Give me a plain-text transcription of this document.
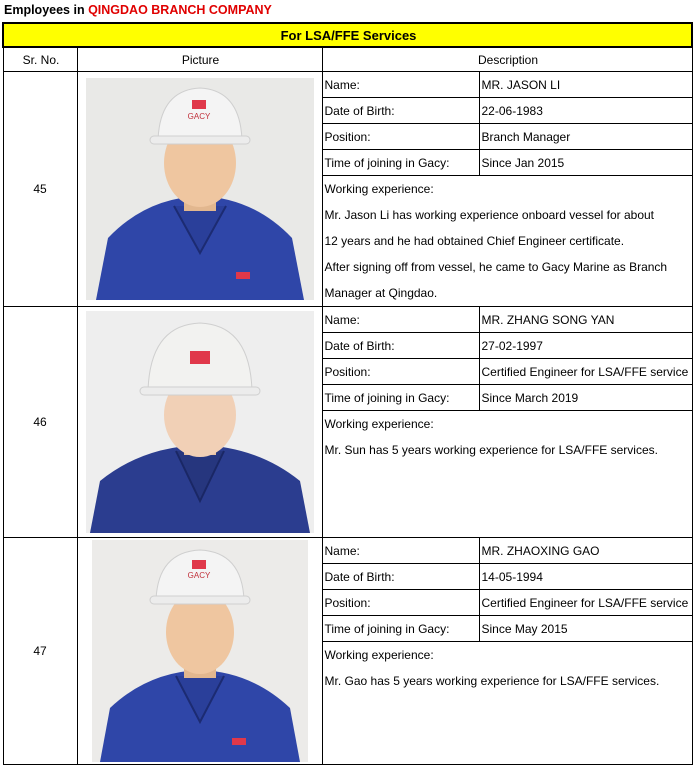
Employees in QINGDAO BRANCH COMPANY
For LSA/FFE Services			
Sr. No.	Picture	Description	
45	GACY	Name:	MR. JASON LI
		Date of Birth:	22-06-1983
		Position:	Branch Manager
		Time of joining in Gacy:	Since Jan 2015

		Working experience:
Mr. Jason Li has working experience onboard vessel for about
12 years and he had obtained Chief Engineer certificate.
After signing off from vessel, he came to Gacy Marine as Branch
Manager at Qingdao.	

46		Name:	MR. ZHANG SONG YAN
		Date of Birth:	27-02-1997
		Position:	Certified Engineer for LSA/FFE service
		Time of joining in Gacy:	Since March 2019

		Working experience:
Mr. Sun has 5 years working experience for LSA/FFE services.	

47	GACY	Name:	MR. ZHAOXING GAO
		Date of Birth:	14-05-1994
		Position:	Certified Engineer for LSA/FFE service
		Time of joining in Gacy:	Since May 2015

		Working experience:
Mr. Gao has 5 years working experience for LSA/FFE services.	
